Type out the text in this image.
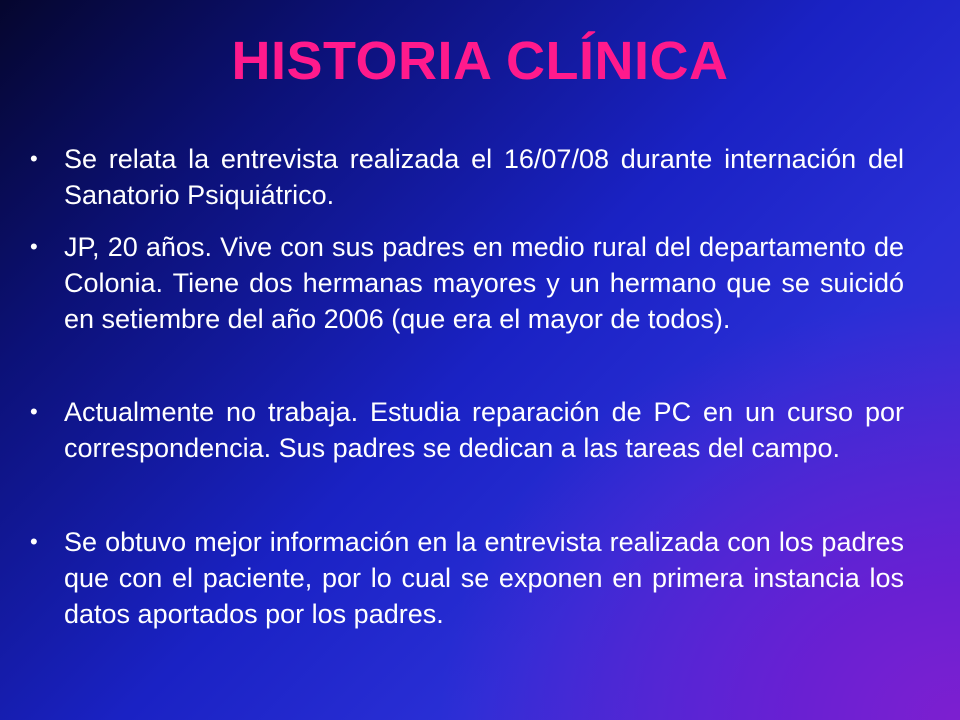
HISTORIA CLÍNICA
• Se relata la entrevista realizada el 16/07/08 durante internación del Sanatorio Psiquiátrico.
• JP, 20 años. Vive con sus padres en medio rural del departamento de Colonia. Tiene dos hermanas mayores y un hermano que se suicidó en setiembre del año 2006 (que era el mayor de todos).
• Actualmente no trabaja. Estudia reparación de PC en un curso por correspondencia. Sus padres se dedican a las tareas del campo.
• Se obtuvo mejor información en la entrevista realizada con los padres que con el paciente, por lo cual se exponen en primera instancia los datos aportados por los padres.
